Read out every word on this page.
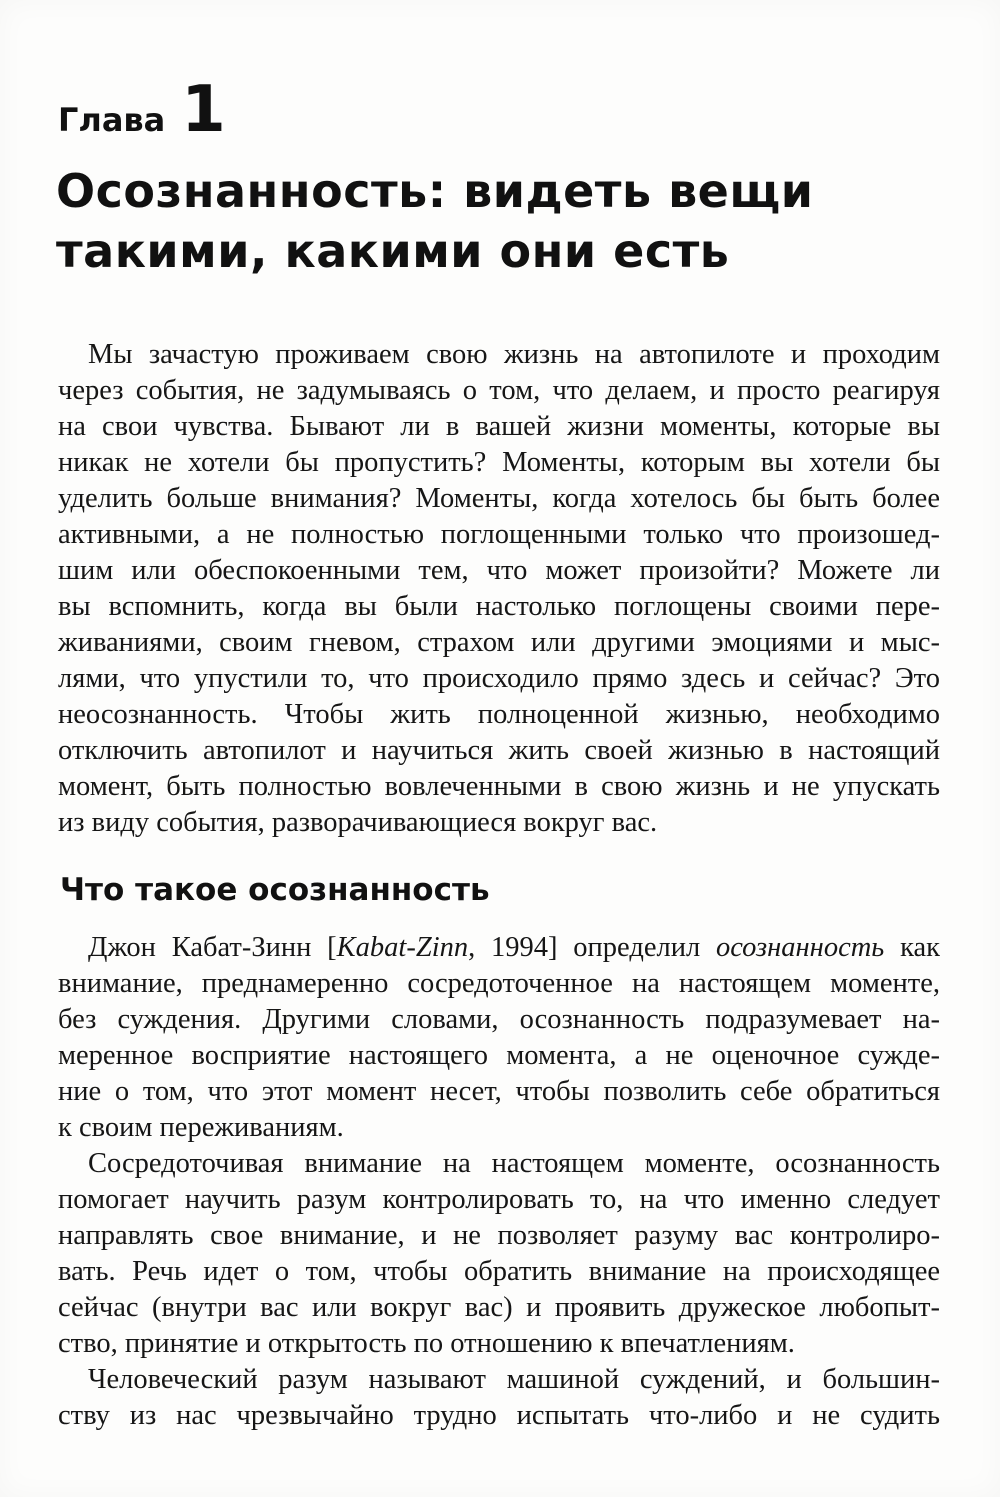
Глава 1
Осознанность: видеть вещи
такими, какими они есть
Мы зачастую проживаем свою жизнь на автопилоте и проходим
через события, не задумываясь о том, что делаем, и просто реагируя
на свои чувства. Бывают ли в вашей жизни моменты, которые вы
никак не хотели бы пропустить? Моменты, которым вы хотели бы
уделить больше внимания? Моменты, когда хотелось бы быть более
активными, а не полностью поглощенными только что произошед-
шим или обеспокоенными тем, что может произойти? Можете ли
вы вспомнить, когда вы были настолько поглощены своими пере-
живаниями, своим гневом, страхом или другими эмоциями и мыс-
лями, что упустили то, что происходило прямо здесь и сейчас? Это
неосознанность. Чтобы жить полноценной жизнью, необходимо
отключить автопилот и научиться жить своей жизнью в настоящий
момент, быть полностью вовлеченными в свою жизнь и не упускать
из виду события, разворачивающиеся вокруг вас.
Что такое осознанность
Джон Кабат-Зинн [Kabat-Zinn, 1994] определил осознанность как
внимание, преднамеренно сосредоточенное на настоящем моменте,
без суждения. Другими словами, осознанность подразумевает на-
меренное восприятие настоящего момента, а не оценочное сужде-
ние о том, что этот момент несет, чтобы позволить себе обратиться
к своим переживаниям.
Сосредоточивая внимание на настоящем моменте, осознанность
помогает научить разум контролировать то, на что именно следует
направлять свое внимание, и не позволяет разуму вас контролиро-
вать. Речь идет о том, чтобы обратить внимание на происходящее
сейчас (внутри вас или вокруг вас) и проявить дружеское любопыт-
ство, принятие и открытость по отношению к впечатлениям.
Человеческий разум называют машиной суждений, и большин-
ству из нас чрезвычайно трудно испытать что-либо и не судить
